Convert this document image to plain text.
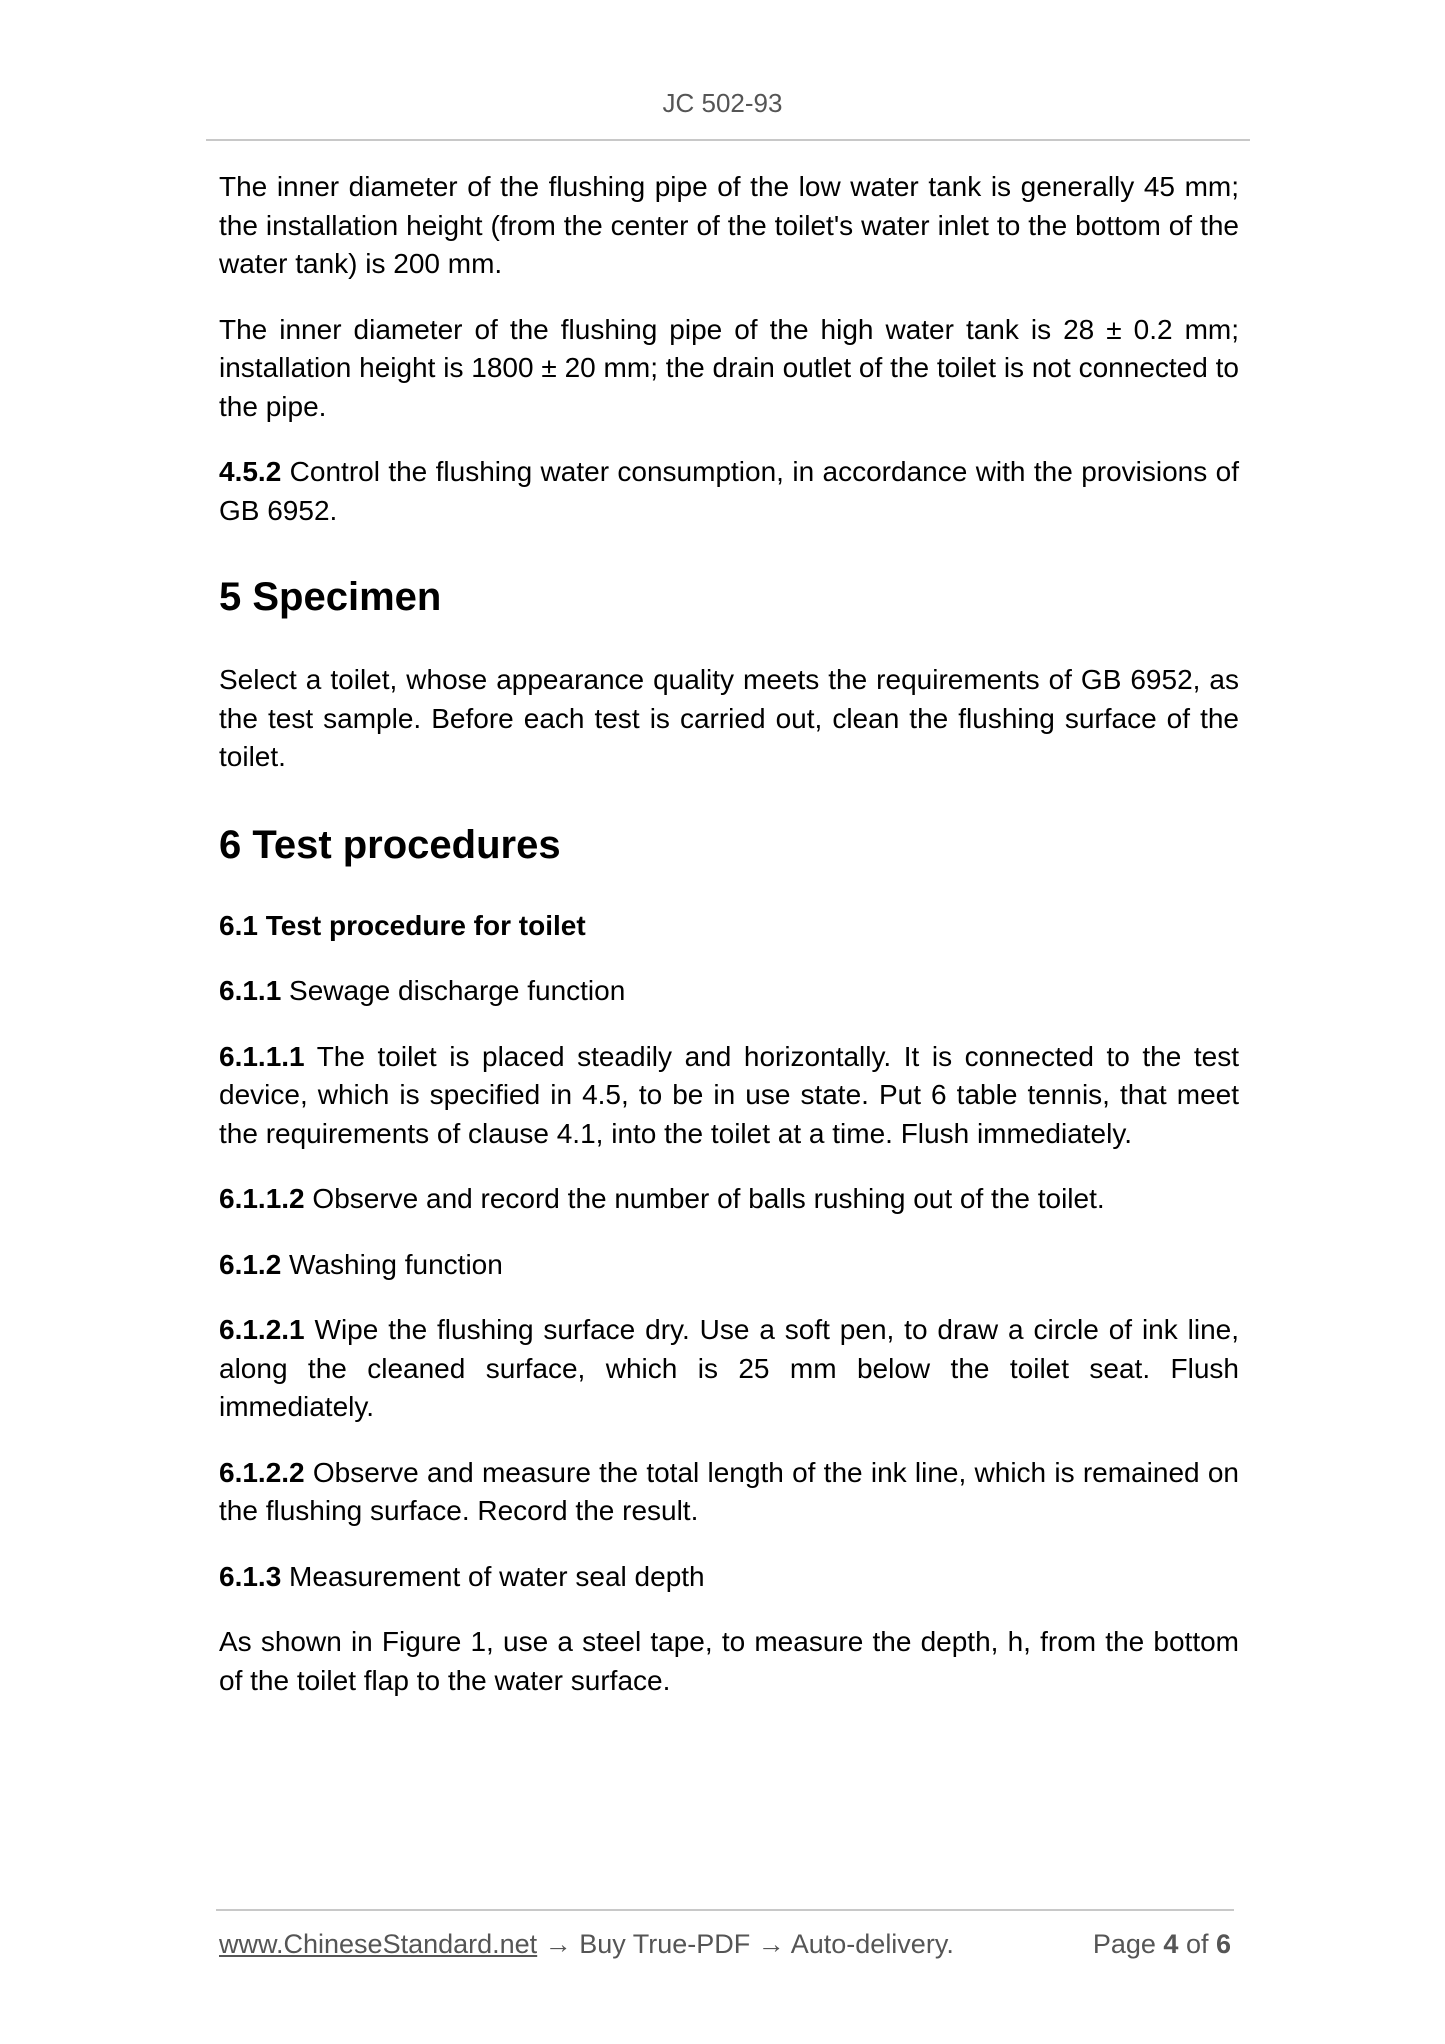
JC 502-93

The inner diameter of the flushing pipe of the low water tank is generally 45 mm; the installation height (from the center of the toilet's water inlet to the bottom of the water tank) is 200 mm.

The inner diameter of the flushing pipe of the high water tank is 28 ± 0.2 mm; installation height is 1800 ± 20 mm; the drain outlet of the toilet is not connected to the pipe.

4.5.2 Control the flushing water consumption, in accordance with the provisions of GB 6952.

5 Specimen

Select a toilet, whose appearance quality meets the requirements of GB 6952, as the test sample. Before each test is carried out, clean the flushing surface of the toilet.

6 Test procedures

6.1 Test procedure for toilet

6.1.1 Sewage discharge function

6.1.1.1 The toilet is placed steadily and horizontally. It is connected to the test device, which is specified in 4.5, to be in use state. Put 6 table tennis, that meet the requirements of clause 4.1, into the toilet at a time. Flush immediately.

6.1.1.2 Observe and record the number of balls rushing out of the toilet.

6.1.2 Washing function

6.1.2.1 Wipe the flushing surface dry. Use a soft pen, to draw a circle of ink line, along the cleaned surface, which is 25 mm below the toilet seat. Flush immediately.

6.1.2.2 Observe and measure the total length of the ink line, which is remained on the flushing surface. Record the result.

6.1.3 Measurement of water seal depth

As shown in Figure 1, use a steel tape, to measure the depth, h, from the bottom of the toilet flap to the water surface.

www.ChineseStandard.net → Buy True-PDF → Auto-delivery.	Page 4 of 6
